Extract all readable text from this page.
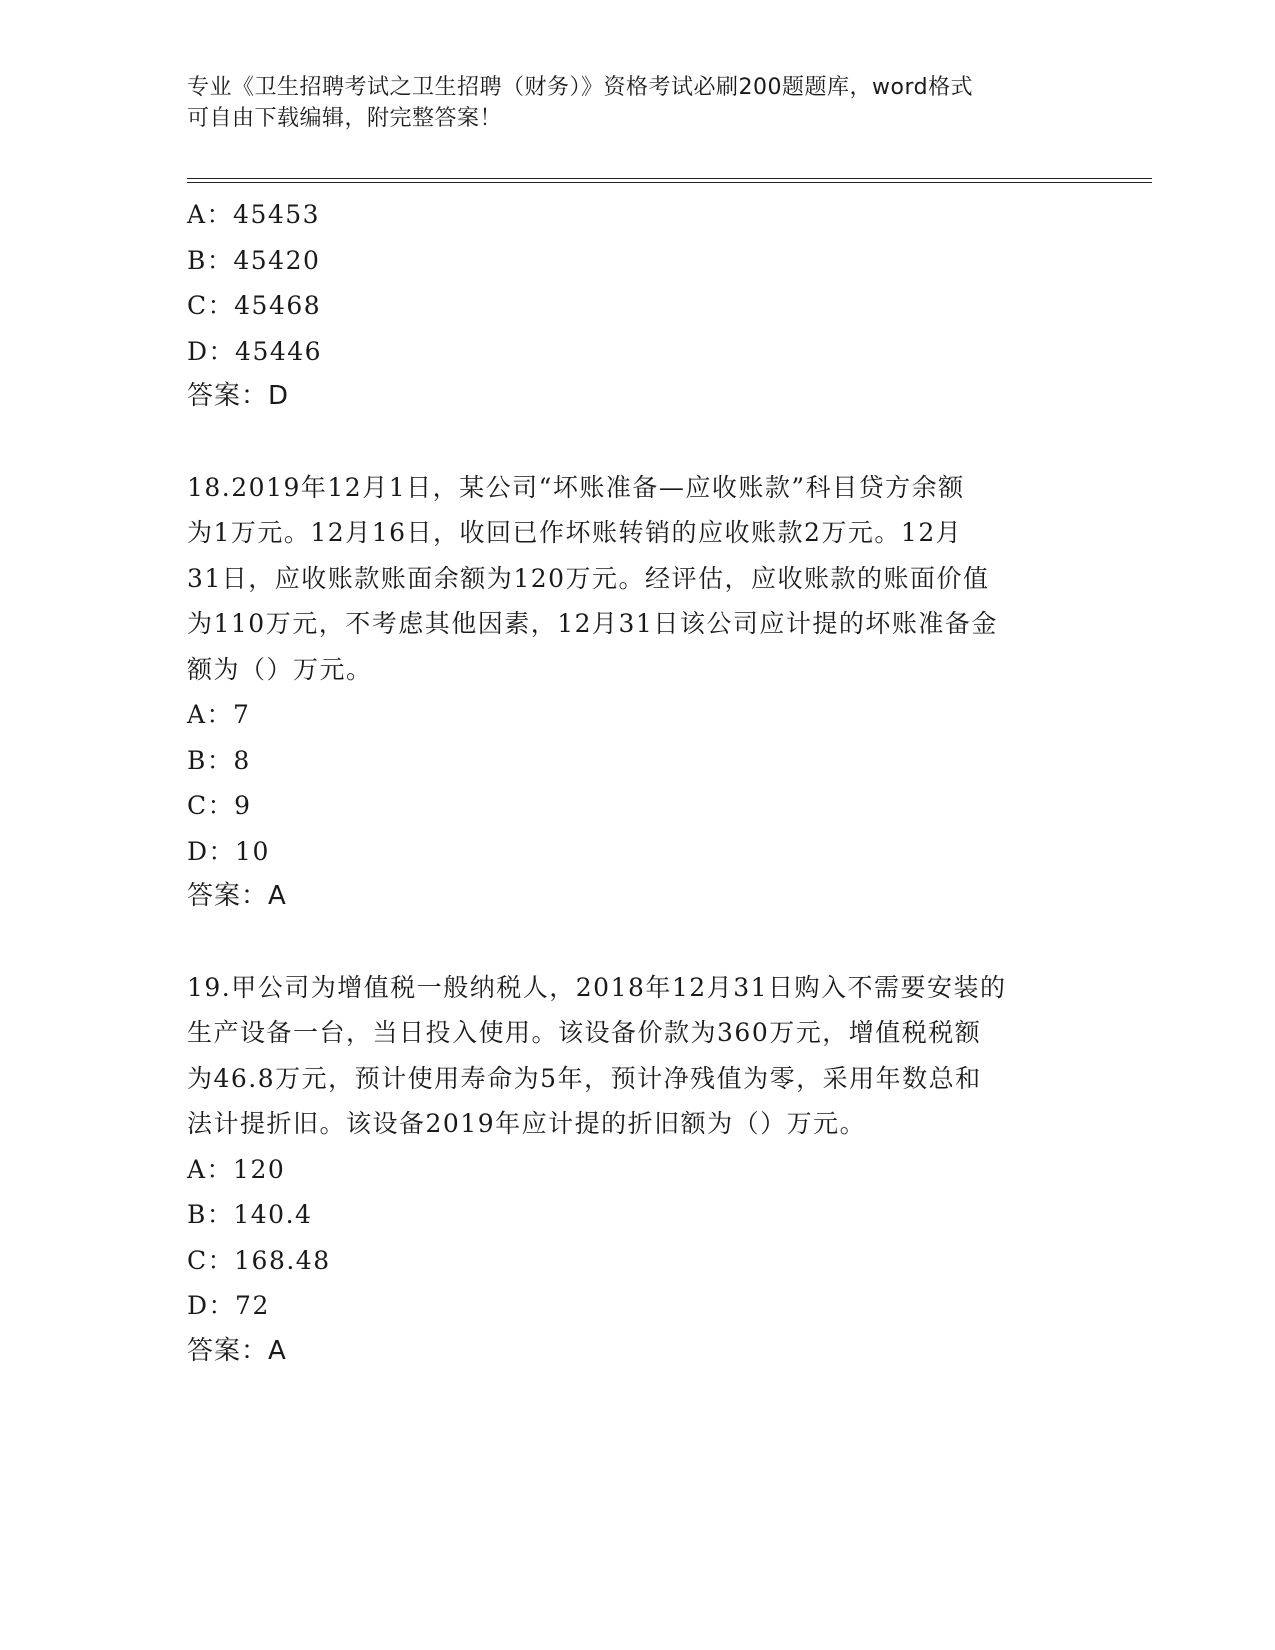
专业《卫生招聘考试之卫生招聘（财务）》资格考试必刷200题题库，word格式
可自由下载编辑，附完整答案！
A：45453
B：45420
C：45468
D：45446
答案：D
18.2019年12月1日，某公司“坏账准备—应收账款”科目贷方余额
为1万元。12月16日，收回已作坏账转销的应收账款2万元。12月
31日，应收账款账面余额为120万元。经评估，应收账款的账面价值
为110万元，不考虑其他因素，12月31日该公司应计提的坏账准备金
额为（）万元。
A：7
B：8
C：9
D：10
答案：A
19.甲公司为增值税一般纳税人，2018年12月31日购入不需要安装的
生产设备一台，当日投入使用。该设备价款为360万元，增值税税额
为46.8万元，预计使用寿命为5年，预计净残值为零，采用年数总和
法计提折旧。该设备2019年应计提的折旧额为（）万元。
A：120
B：140.4
C：168.48
D：72
答案：A
